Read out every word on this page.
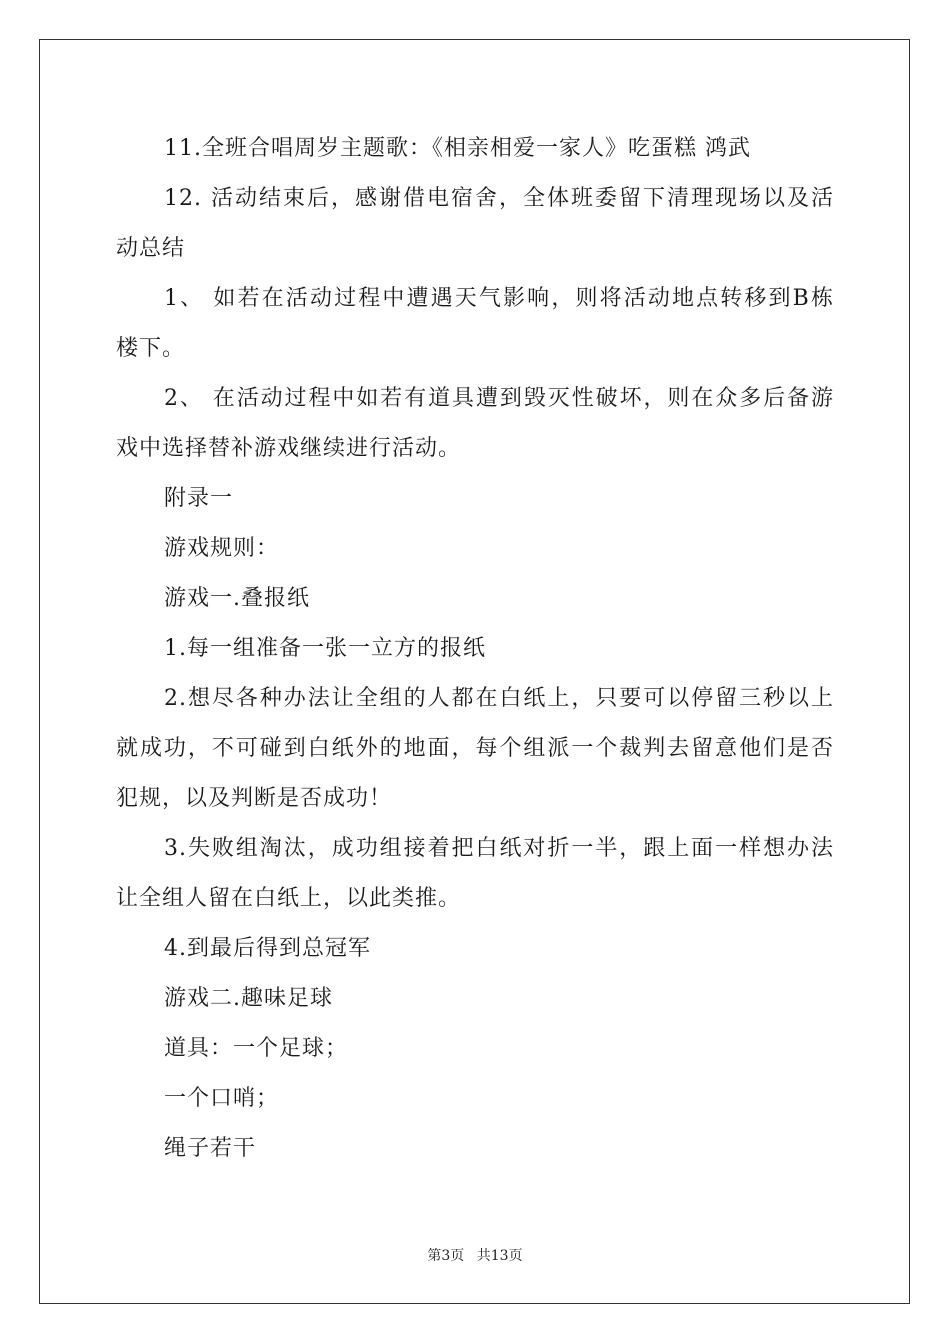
11.全班合唱周岁主题歌：《相亲相爱一家人》吃蛋糕 鸿武
12. 活动结束后，感谢借电宿舍，全体班委留下清理现场以及活
动总结
1、 如若在活动过程中遭遇天气影响，则将活动地点转移到B栋
楼下。
2、 在活动过程中如若有道具遭到毁灭性破坏，则在众多后备游
戏中选择替补游戏继续进行活动。
附录一
游戏规则：
游戏一.叠报纸
1.每一组准备一张一立方的报纸
2.想尽各种办法让全组的人都在白纸上，只要可以停留三秒以上
就成功，不可碰到白纸外的地面，每个组派一个裁判去留意他们是否
犯规，以及判断是否成功！
3.失败组淘汰，成功组接着把白纸对折一半，跟上面一样想办法
让全组人留在白纸上，以此类推。
4.到最后得到总冠军
游戏二.趣味足球
道具：一个足球；
一个口哨；
绳子若干
第3页 共13页
